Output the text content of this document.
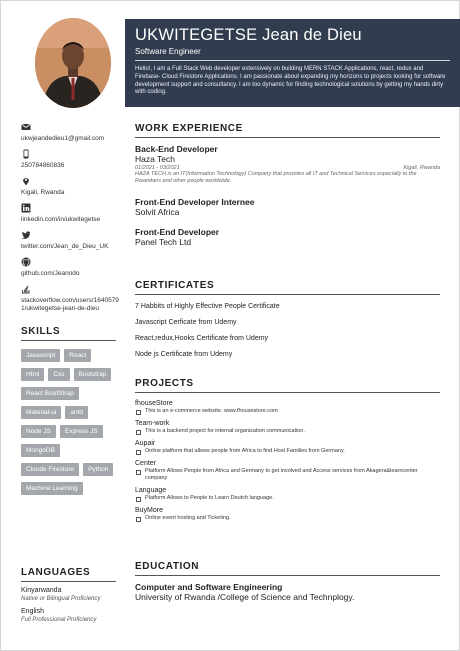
ukwjeandedieu1@gmail.com
250784860836
Kigali, Rwanda
linkedin.com/in/ukwitegetse
twitter.com/Jean_de_Dieu_UK
github.com/Jeanndo
stackoverflow.com/users/16405791/ukwitegetse-jean-de-dieu
SKILLS
Javascript	React
Html	Css	Bootstrap
React BootStrap
Material-ui	antd
Node JS	Express JS
MongoDB
Cloude Firestore	Python
Machine Learning
LANGUAGES
Kinyarwanda
Native or Bilingual Proficiency
English
Full Professional Proficiency
UKWITEGETSE Jean de Dieu
Software Engineer
Hello!, I am a Full Stack Web developer extensively on building MERN STACK Applications, react, redux and Firebase- Cloud Firestore Applications. I am passionate about expanding my horizons to projects looking for software development support and consultancy. I am too dynamic for finding technological solutions by getting my hands dirty with coding.
WORK EXPERIENCE
Back-End Developer
Haza Tech
01/2021 - 03/2021	Kigali, Rwanda
HAZA TECH is an IT(Information Technology) Company that provides all IT and Technical Services especially to the Rwandans and other people worldwide.
Front-End Developer Internee
Solvit Africa
Front-End Developer
Panel Tech Ltd
CERTIFICATES
7 Habbits of Highly Effective People Certificate
Javascript Cerficate from Udemy
React,redux,Hooks Certificate from Udemy
Node js Certificate from Udemy
PROJECTS
fhouseStore
This is an e-commerce website. www.fhousestore.com
Team-work
This is a backend project for internal organization communication.
Aupair
Online platform that allows people from Africa to find Host Families from Germany.
Center
Platform Allows People from Africa and Germany to get involved and Access services from Akagera&learncenter company
Language
Platform Allows to People to Learn Deutch language.
BuyMore
Online event hosting and Ticketing.
EDUCATION
Computer and Software Engineering
University of Rwanda /College of Science and Technplogy.
